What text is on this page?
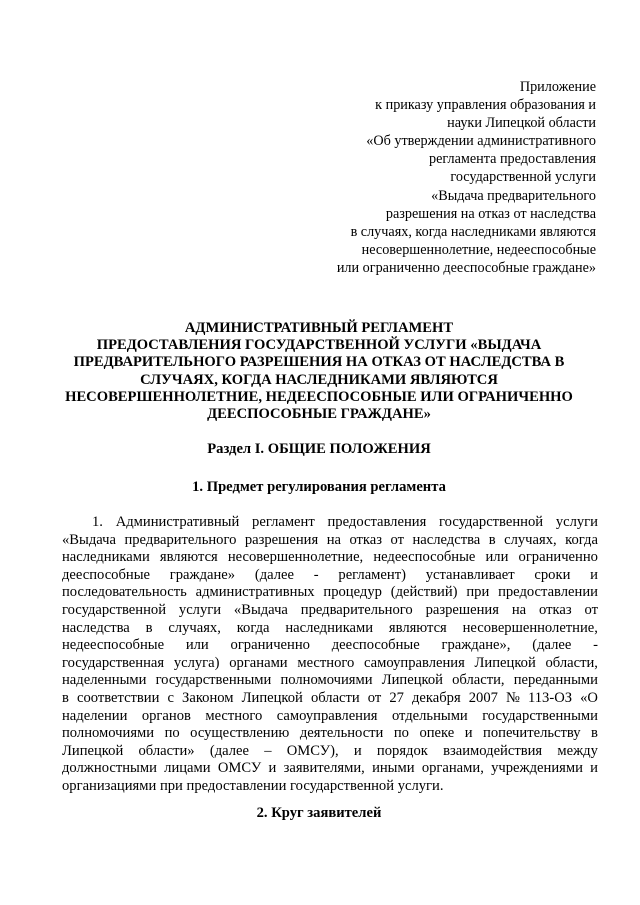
Приложение
к приказу управления образования и
науки Липецкой области
«Об утверждении административного
регламента предоставления
государственной услуги
«Выдача предварительного
разрешения на отказ от наследства
в случаях, когда наследниками являются
несовершеннолетние, недееспособные
или ограниченно дееспособные граждане»
АДМИНИСТРАТИВНЫЙ РЕГЛАМЕНТ
ПРЕДОСТАВЛЕНИЯ ГОСУДАРСТВЕННОЙ УСЛУГИ «ВЫДАЧА
ПРЕДВАРИТЕЛЬНОГО РАЗРЕШЕНИЯ НА ОТКАЗ ОТ НАСЛЕДСТВА В
СЛУЧАЯХ, КОГДА НАСЛЕДНИКАМИ ЯВЛЯЮТСЯ
НЕСОВЕРШЕННОЛЕТНИЕ, НЕДЕЕСПОСОБНЫЕ ИЛИ ОГРАНИЧЕННО
ДЕЕСПОСОБНЫЕ ГРАЖДАНЕ»
Раздел I. ОБЩИЕ ПОЛОЖЕНИЯ
1. Предмет регулирования регламента
1. Административный регламент предоставления государственной услуги
«Выдача предварительного разрешения на отказ от наследства в случаях, когда
наследниками являются несовершеннолетние, недееспособные или ограниченно
дееспособные граждане» (далее - регламент) устанавливает сроки и
последовательность административных процедур (действий) при предоставлении
государственной услуги «Выдача предварительного разрешения на отказ от
наследства в случаях, когда наследниками являются несовершеннолетние,
недееспособные или ограниченно дееспособные граждане», (далее -
государственная услуга) органами местного самоуправления Липецкой области,
наделенными государственными полномочиями Липецкой области, переданными
в соответствии с Законом Липецкой области от 27 декабря 2007 № 113-ОЗ «О
наделении органов местного самоуправления отдельными государственными
полномочиями по осуществлению деятельности по опеке и попечительству в
Липецкой области» (далее – ОМСУ), и порядок взаимодействия между
должностными лицами ОМСУ и заявителями, иными органами, учреждениями и
организациями при предоставлении государственной услуги.
2. Круг заявителей
